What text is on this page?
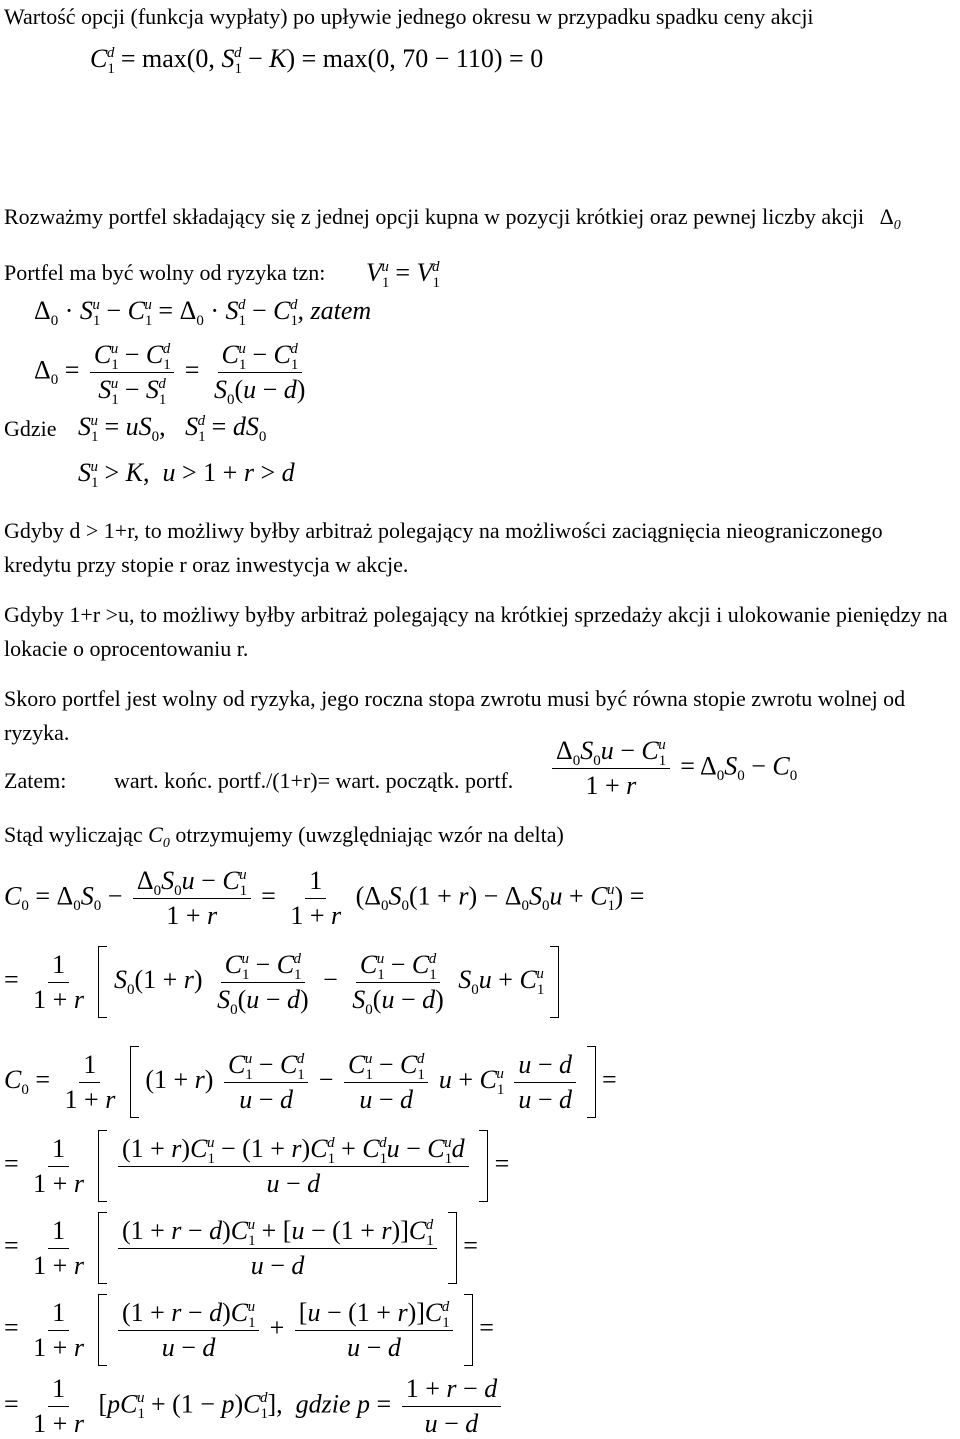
Wartość opcji (funkcja wypłaty) po upływie jednego okresu w przypadku spadku ceny akcji
$C_1^d = \max(0$, $S_1^d - K) = \max(0$, 70 − 110) = 0
Rozważmy portfel składający się z jednej opcji kupna w pozycji krótkiej oraz pewnej liczby akcji $\Delta_0$
Portfel ma być wolny od ryzyka tzn: $V_1^u = V_1^d$
$\Delta_0 \cdot S_1^u - C_1^u = \Delta_0 \cdot S_1^d - C_1^d$, zatem
$\Delta_0 = \frac{C_1^u - C_1^d}{S_1^u - S_1^d} = \frac{C_1^u - C_1^d}{S_0(u - d)}$
Gdzie $S_1^u = uS_0$,   $S_1^d = dS_0$
$S_1^u > K$,  u > 1 + r > d
Gdyby d > 1+r, to możliwy byłby arbitraż polegający na możliwości zaciągnięcia nieograniczonego kredytu przy stopie r oraz inwestycja w akcje.
Gdyby 1+r >u, to możliwy byłby arbitraż polegający na krótkiej sprzedaży akcji i ulokowanie pieniędzy na lokacie o oprocentowaniu r.
Skoro portfel jest wolny od ryzyka, jego roczna stopa zwrotu musi być równa stopie zwrotu wolnej od ryzyka.
Zatem: wart. końc. portf./(1+r)= wart. początk. portf. $\frac{\Delta_0S_0u - C_1^u}{1 + r} = \Delta_0S_0 - C_0$
Stąd wyliczając $C_0$ otrzymujemy (uwzględniając wzór na delta)
$C_0 = \Delta_0S_0 - \frac{\Delta_0S_0u - C_1^u}{1 + r} = \frac{1}{1 + r} (\Delta_0S_0(1 + r) - \Delta_0S_0u + C_1^u)$ =
= $\frac{1}{1 + r} S_0(1 + r) \frac{C_1^u - C_1^d}{S_0(u - d)} - \frac{C_1^u - C_1^d}{S_0(u - d)} S_0u + C_1^u$
$C_0 = \frac{1}{1 + r} (1 + r) \frac{C_1^u - C_1^d}{u - d} - \frac{C_1^u - C_1^d}{u - d}$ $u + C_1^u \frac{u - d}{u - d}$ =
= $\frac{1}{1 + r}$
$\frac{(1 + r)C_1^u - (1 + r)C_1^d + C_1^du - C_1^ud}{u - d}$ =
= $\frac{1}{1 + r}$
$\frac{(1 + r - d)C_1^u + [u - (1 + r)]C_1^d}{u - d}$ =
= $\frac{1}{1 + r}$
$\frac{(1 + r - d)C_1^u}{u - d} + \frac{[u - (1 + r)]C_1^d}{u - d}$ =
= $\frac{1}{1 + r} [pC_1^u + (1 - p)C_1^d]$,  gdzie $p = \frac{1 + r - d}{u - d}$
